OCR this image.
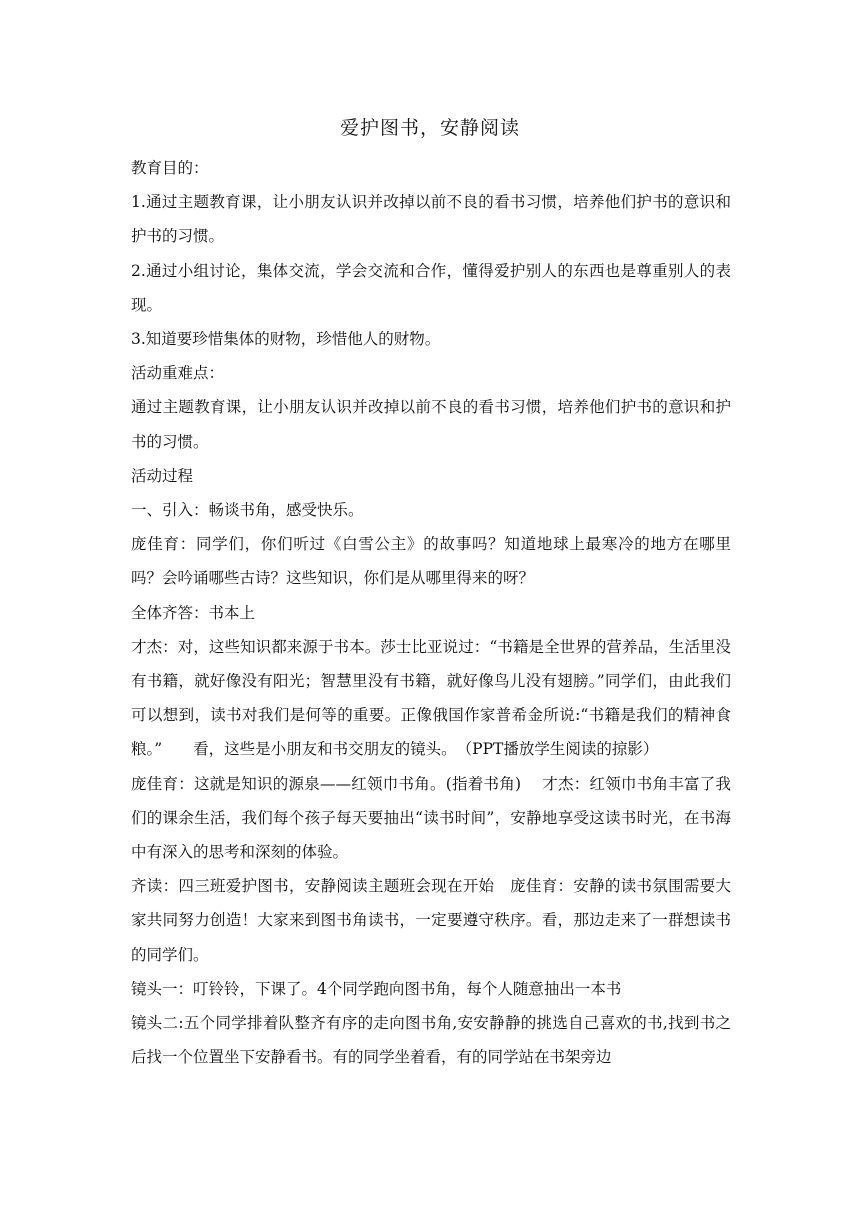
爱护图书，安静阅读

教育目的：

1.通过主题教育课，让小朋友认识并改掉以前不良的看书习惯，培养他们护书的意识和护书的习惯。

2.通过小组讨论，集体交流，学会交流和合作，懂得爱护别人的东西也是尊重别人的表现。

3.知道要珍惜集体的财物，珍惜他人的财物。

活动重难点：

通过主题教育课，让小朋友认识并改掉以前不良的看书习惯，培养他们护书的意识和护书的习惯。

活动过程

一、引入：畅谈书角，感受快乐。

庞佳育：同学们，你们听过《白雪公主》的故事吗？知道地球上最寒冷的地方在哪里吗？会吟诵哪些古诗？这些知识，你们是从哪里得来的呀？

全体齐答：书本上

才杰：对，这些知识都来源于书本。莎士比亚说过：“书籍是全世界的营养品，生活里没有书籍，就好像没有阳光；智慧里没有书籍，就好像鸟儿没有翅膀。”同学们，由此我们可以想到，读书对我们是何等的重要。正像俄国作家普希金所说:“书籍是我们的精神食粮。”　　看，这些是小朋友和书交朋友的镜头。　（PPT播放学生阅读的掠影）

庞佳育：这就是知识的源泉——红领巾书角。(指着书角)　 才杰：红领巾书角丰富了我们的课余生活，我们每个孩子每天要抽出“读书时间”，安静地享受这读书时光，在书海中有深入的思考和深刻的体验。

齐读：四三班爱护图书，安静阅读主题班会现在开始　庞佳育：安静的读书氛围需要大家共同努力创造！大家来到图书角读书，一定要遵守秩序。看，那边走来了一群想读书的同学们。

镜头一：叮铃铃，下课了。4个同学跑向图书角，每个人随意抽出一本书

镜头二:五个同学排着队整齐有序的走向图书角,安安静静的挑选自己喜欢的书,找到书之后找一个位置坐下安静看书。有的同学坐着看，有的同学站在书架旁边
